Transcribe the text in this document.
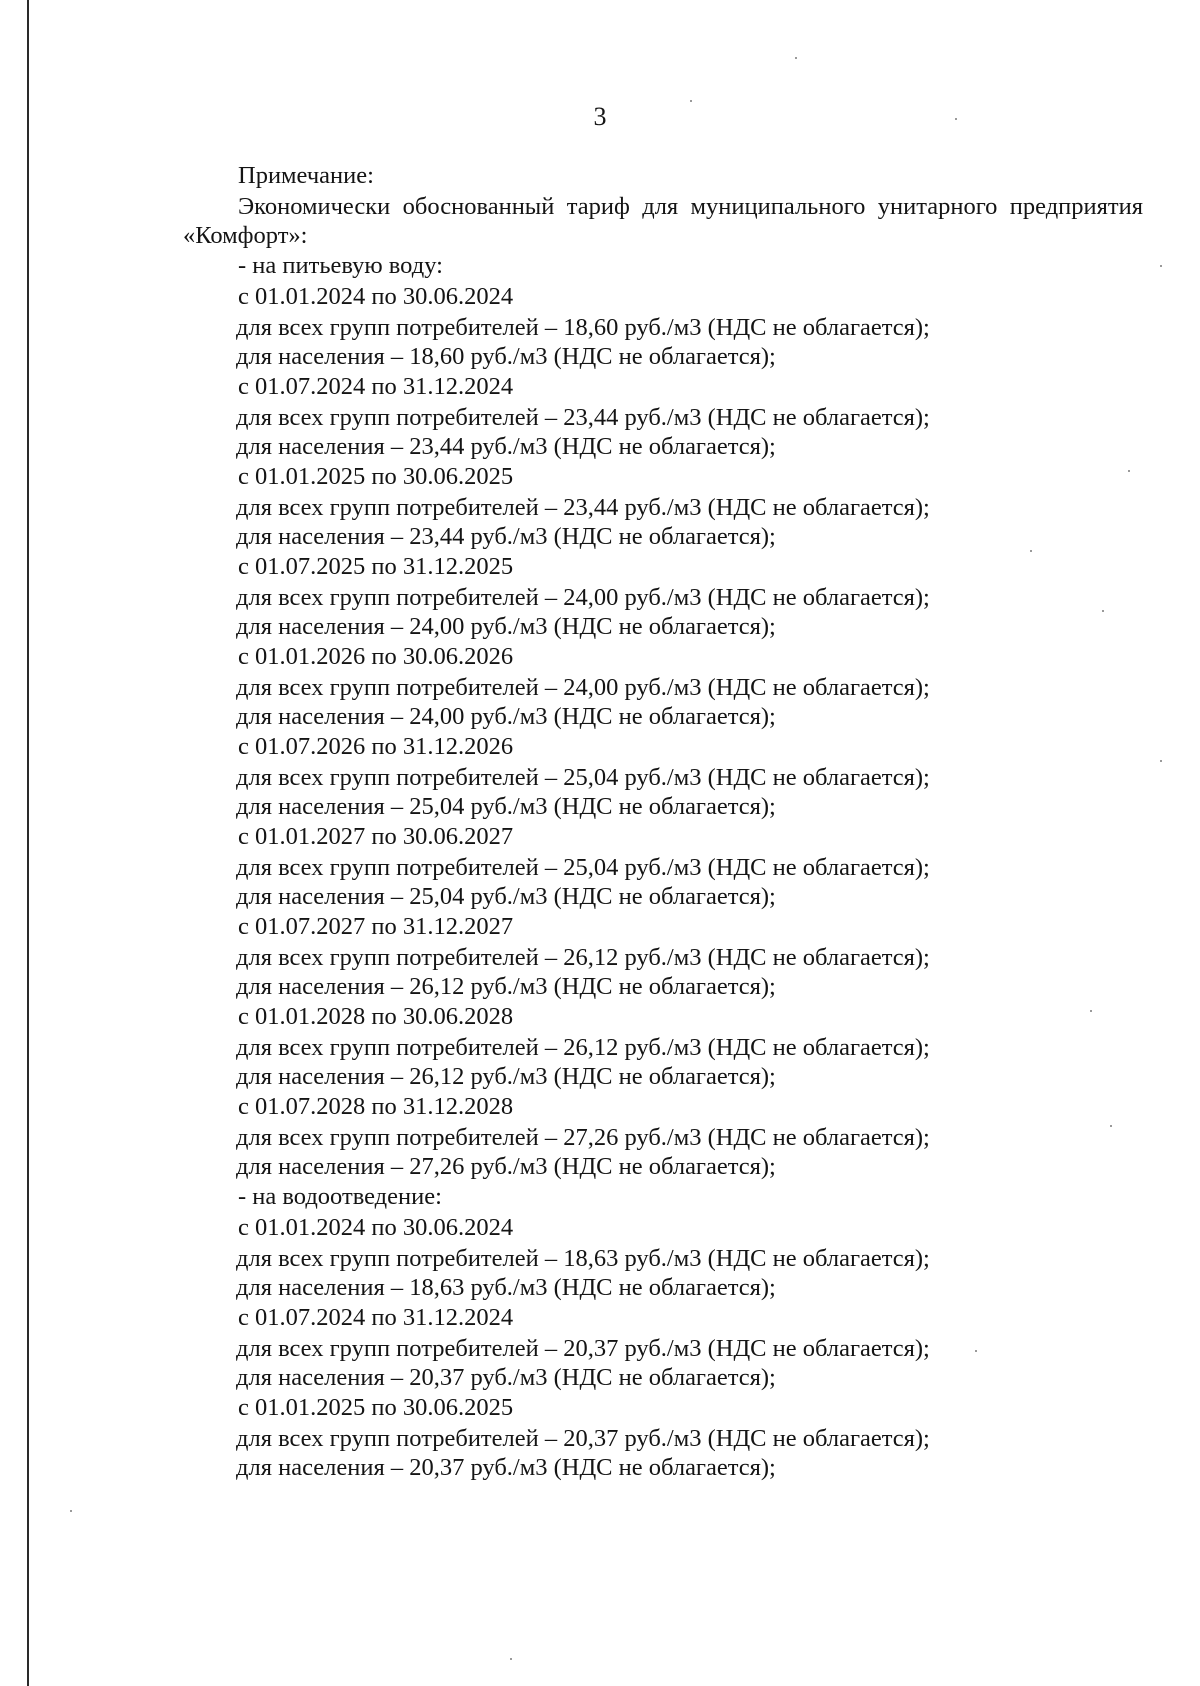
3
Примечание:
Экономически обоснованный тариф для муниципального унитарного предприятия «Комфорт»:
- на питьевую воду:
с 01.01.2024 по 30.06.2024
для всех групп потребителей – 18,60 руб./м3 (НДС не облагается);
для населения – 18,60 руб./м3 (НДС не облагается);
с 01.07.2024 по 31.12.2024
для всех групп потребителей – 23,44 руб./м3 (НДС не облагается);
для населения – 23,44 руб./м3 (НДС не облагается);
с 01.01.2025 по 30.06.2025
для всех групп потребителей – 23,44 руб./м3 (НДС не облагается);
для населения – 23,44 руб./м3 (НДС не облагается);
с 01.07.2025 по 31.12.2025
для всех групп потребителей – 24,00 руб./м3 (НДС не облагается);
для населения – 24,00 руб./м3 (НДС не облагается);
с 01.01.2026 по 30.06.2026
для всех групп потребителей – 24,00 руб./м3 (НДС не облагается);
для населения – 24,00 руб./м3 (НДС не облагается);
с 01.07.2026 по 31.12.2026
для всех групп потребителей – 25,04 руб./м3 (НДС не облагается);
для населения – 25,04 руб./м3 (НДС не облагается);
с 01.01.2027 по 30.06.2027
для всех групп потребителей – 25,04 руб./м3 (НДС не облагается);
для населения – 25,04 руб./м3 (НДС не облагается);
с 01.07.2027 по 31.12.2027
для всех групп потребителей – 26,12 руб./м3 (НДС не облагается);
для населения – 26,12 руб./м3 (НДС не облагается);
с 01.01.2028 по 30.06.2028
для всех групп потребителей – 26,12 руб./м3 (НДС не облагается);
для населения – 26,12 руб./м3 (НДС не облагается);
с 01.07.2028 по 31.12.2028
для всех групп потребителей – 27,26 руб./м3 (НДС не облагается);
для населения – 27,26 руб./м3 (НДС не облагается);
- на водоотведение:
с 01.01.2024 по 30.06.2024
для всех групп потребителей – 18,63 руб./м3 (НДС не облагается);
для населения – 18,63 руб./м3 (НДС не облагается);
с 01.07.2024 по 31.12.2024
для всех групп потребителей – 20,37 руб./м3 (НДС не облагается);
для населения – 20,37 руб./м3 (НДС не облагается);
с 01.01.2025 по 30.06.2025
для всех групп потребителей – 20,37 руб./м3 (НДС не облагается);
для населения – 20,37 руб./м3 (НДС не облагается);
